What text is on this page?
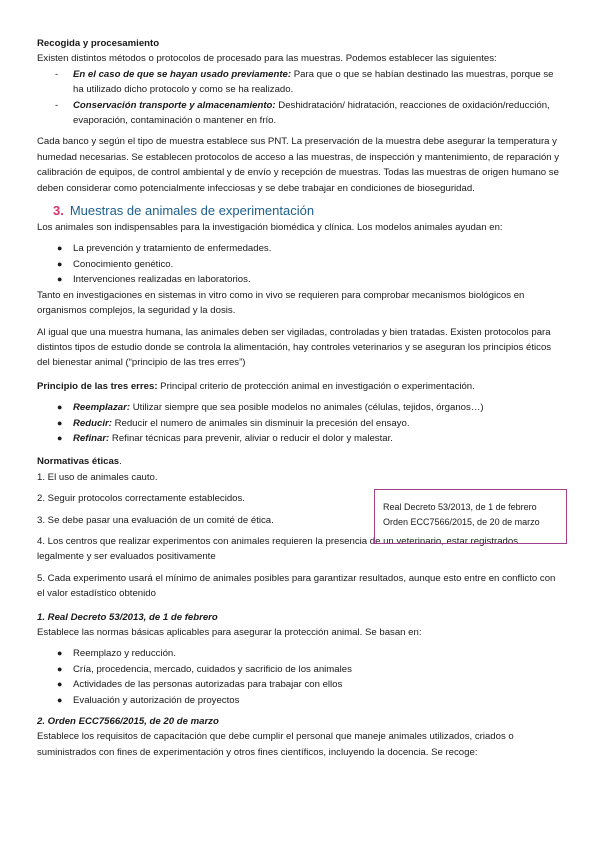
Recogida y procesamiento

Existen distintos métodos o protocolos de procesado para las muestras. Podemos establecer las siguientes:

- En el caso de que se hayan usado previamente: Para que o que se habían destinado las muestras, porque se ha utilizado dicho protocolo y como se ha realizado.
- Conservación transporte y almacenamiento: Deshidratación/ hidratación, reacciones de oxidación/reducción, evaporación, contaminación o mantener en frío.

Cada banco y según el tipo de muestra establece sus PNT. La preservación de la muestra debe asegurar la temperatura y humedad necesarias. Se establecen protocolos de acceso a las muestras, de inspección y mantenimiento, de reparación y calibración de equipos, de control ambiental y de envío y recepción de muestras. Todas las muestras de origen humano se deben considerar como potencialmente infecciosas y se debe trabajar en condiciones de bioseguridad.

3. Muestras de animales de experimentación

Los animales son indispensables para la investigación biomédica y clínica. Los modelos animales ayudan en:

● La prevención y tratamiento de enfermedades.
● Conocimiento genético.
● Intervenciones realizadas en laboratorios.

Tanto en investigaciones en sistemas in vitro como in vivo se requieren para comprobar mecanismos biológicos en organismos complejos, la seguridad y la dosis.

Al igual que una muestra humana, las animales deben ser vigiladas, controladas y bien tratadas. Existen protocolos para distintos tipos de estudio donde se controla la alimentación, hay controles veterinarios y se aseguran los principios éticos del bienestar animal (“principio de las tres erres”)

Principio de las tres erres: Principal criterio de protección animal en investigación o experimentación.

● Reemplazar: Utilizar siempre que sea posible modelos no animales (células, tejidos, órganos…)
● Reducir: Reducir el numero de animales sin disminuir la precesión del ensayo.
● Refinar: Refinar técnicas para prevenir, aliviar o reducir el dolor y malestar.

Normativas éticas.

1. El uso de animales cauto.

2. Seguir protocolos correctamente establecidos.

3. Se debe pasar una evaluación de un comité de ética.

4. Los centros que realizar experimentos con animales requieren la presencia de un veterinario, estar registrados legalmente y ser evaluados positivamente

5. Cada experimento usará el mínimo de animales posibles para garantizar resultados, aunque esto entre en conflicto con el valor estadístico obtenido

1. Real Decreto 53/2013, de 1 de febrero

Establece las normas básicas aplicables para asegurar la protección animal. Se basan en:

● Reemplazo y reducción.
● Cría, procedencia, mercado, cuidados y sacrificio de los animales
● Actividades de las personas autorizadas para trabajar con ellos
● Evaluación y autorización de proyectos

2. Orden ECC7566/2015, de 20 de marzo

Establece los requisitos de capacitación que debe cumplir el personal que maneje animales utilizados, criados o suministrados con fines de experimentación y otros fines científicos, incluyendo la docencia. Se recoge:

Real Decreto 53/2013, de 1 de febrero
Orden ECC7566/2015, de 20 de marzo
